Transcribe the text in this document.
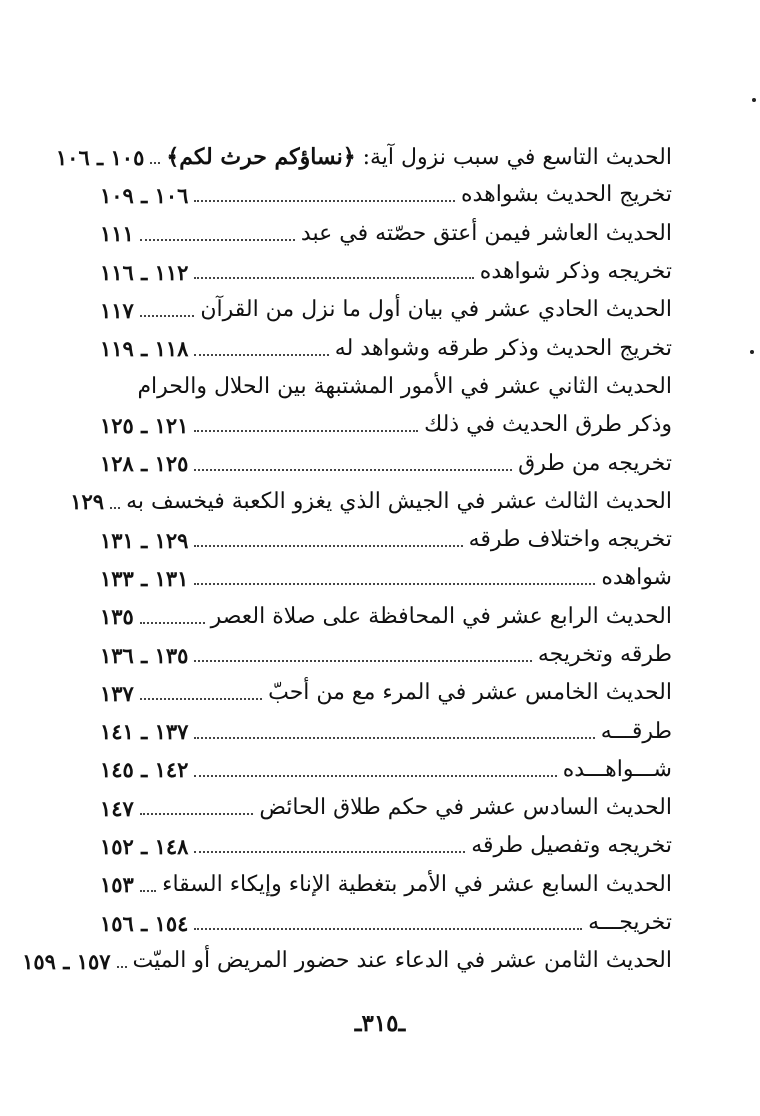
الحديث التاسع في سبب نزول آية: ﴿نساؤكم حرث لكم﴾
١٠٥ ـ ١٠٦
تخريج الحديث بشواهده
١٠٦ ـ ١٠٩
الحديث العاشر فيمن أعتق حصّته في عبد
١١١
تخريجه وذكر شواهده
١١٢ ـ ١١٦
الحديث الحادي عشر في بيان أول ما نزل من القرآن
١١٧
تخريج الحديث وذكر طرقه وشواهد له
١١٨ ـ ١١٩
الحديث الثاني عشر في الأمور المشتبهة بين الحلال والحرام
وذكر طرق الحديث في ذلك
١٢١ ـ ١٢٥
تخريجه من طرق
١٢٥ ـ ١٢٨
الحديث الثالث عشر في الجيش الذي يغزو الكعبة فيخسف به
١٢٩
تخريجه واختلاف طرقه
١٢٩ ـ ١٣١
شواهده
١٣١ ـ ١٣٣
الحديث الرابع عشر في المحافظة على صلاة العصر
١٣٥
طرقه وتخريجه
١٣٥ ـ ١٣٦
الحديث الخامس عشر في المرء مع من أحبّ
١٣٧
طرقـــه
١٣٧ ـ ١٤١
شـــواهـــده
١٤٢ ـ ١٤٥
الحديث السادس عشر في حكم طلاق الحائض
١٤٧
تخريجه وتفصيل طرقه
١٤٨ ـ ١٥٢
الحديث السابع عشر في الأمر بتغطية الإناء وإيكاء السقاء
١٥٣
تخريجـــه
١٥٤ ـ ١٥٦
الحديث الثامن عشر في الدعاء عند حضور المريض أو الميّت
١٥٧ ـ ١٥٩
ـ٣١٥ـ
